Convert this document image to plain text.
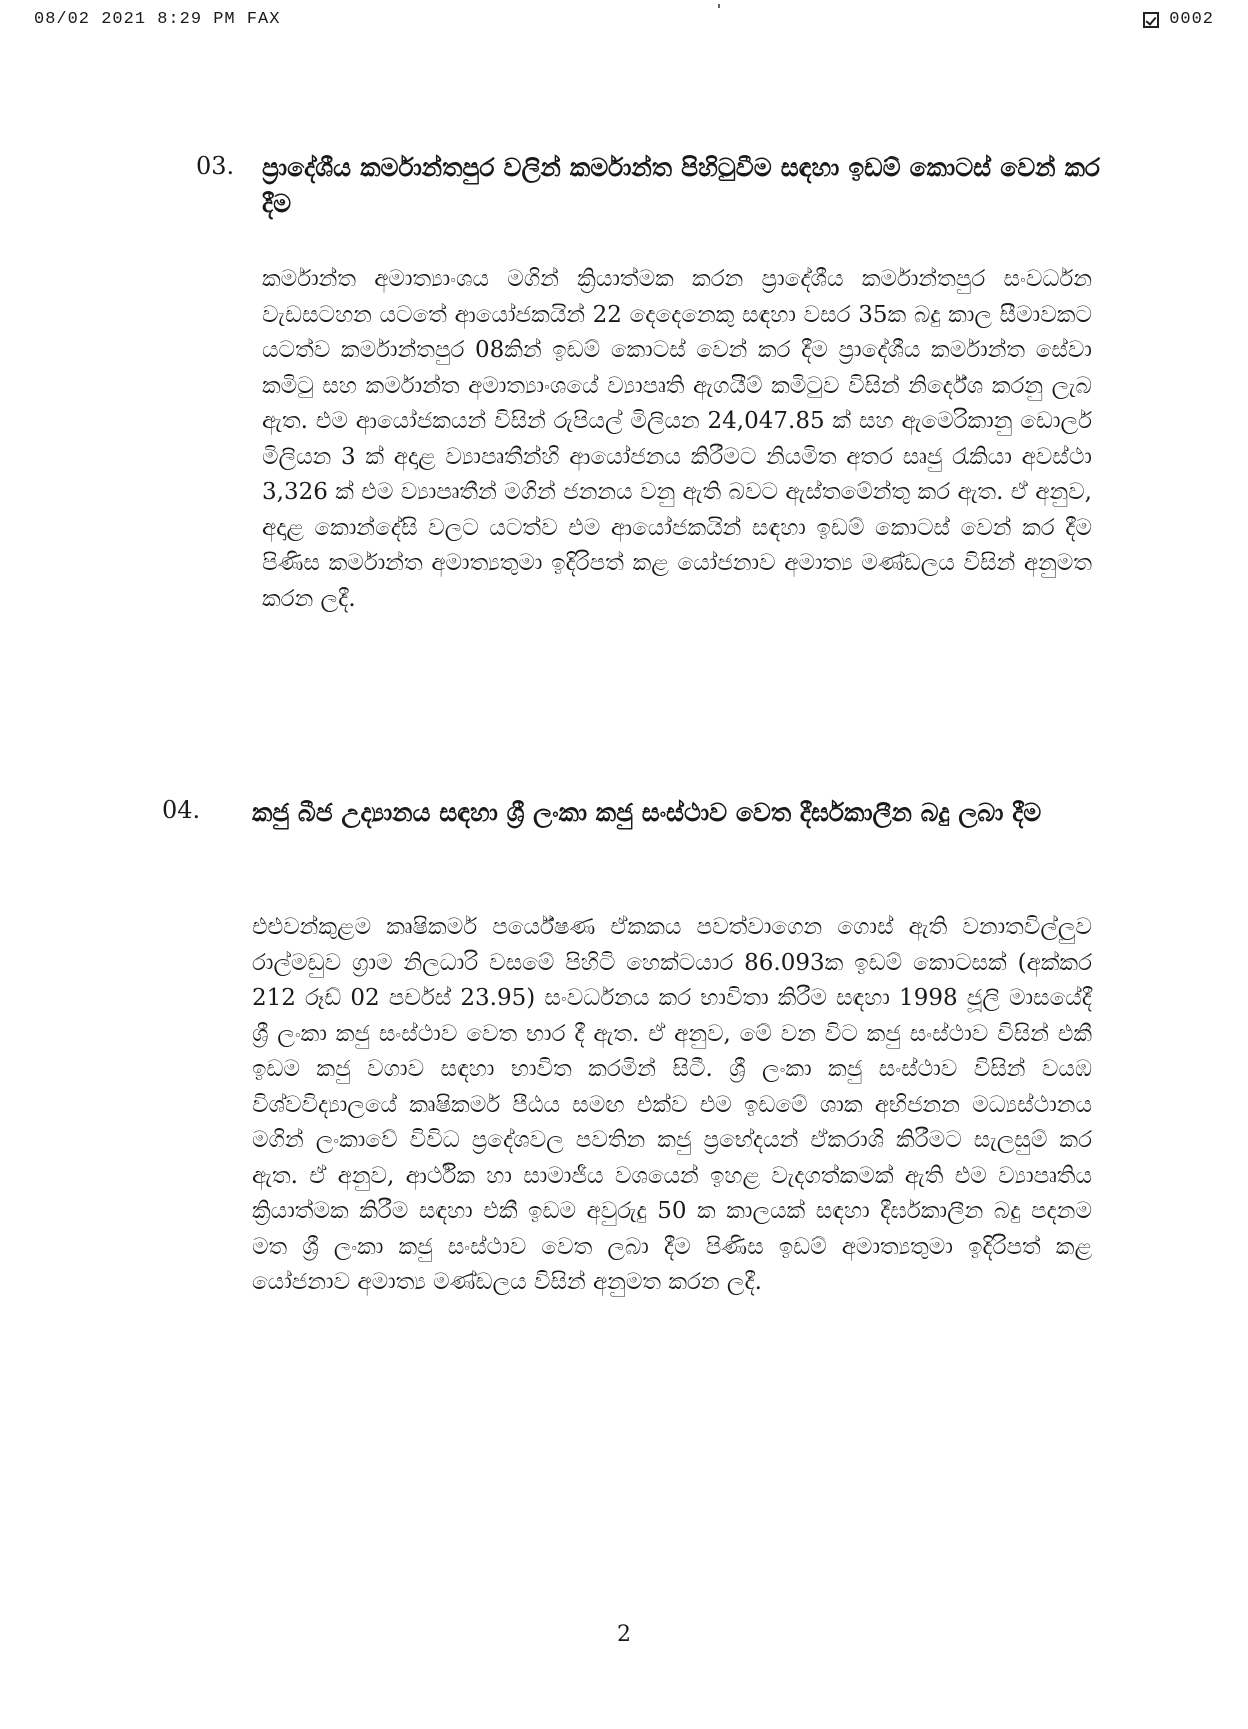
08/02 2021 8:29 PM FAX	0002
03. ප්‍රාදේශීය කර්මාන්තපුර වලින් කර්මාන්ත පිහිටුවීම සඳහා ඉඩම් කොටස් වෙන් කර දීම
කර්මාන්ත අමාත්‍යාංශය මගින් ක්‍රියාත්මක කරන ප්‍රාදේශීය කර්මාන්තපුර සංවර්ධන වැඩසටහන යටතේ ආයෝජකයින් 22 දෙදෙනෙකු සඳහා වසර 35ක බදු කාල සීමාවකට යටත්ව කර්මාන්තපුර 08කින් ඉඩම් කොටස් වෙන් කර දීම ප්‍රාදේශීය කර්මාන්ත සේවා කමිටු සහ කර්මාන්ත අමාත්‍යාංශයේ ව්‍යාපෘති ඇගයීම් කමිටුව විසින් නිර්දේශ කරනු ලැබ ඇත. එම ආයෝජකයන් විසින් රුපියල් මිලියන 24,047.85 ක් සහ ඇමෙරිකානු ඩොලර් මිලියන 3 ක් අදාළ ව්‍යාපෘතීන්හි ආයෝජනය කිරීමට නියමිත අතර සෘජු රැකියා අවස්ථා 3,326 ක් එම ව්‍යාපෘතීන් මගින් ජනනය වනු ඇති බවට ඇස්තමේන්තු කර ඇත. ඒ අනුව, අදාළ කොන්දේසි වලට යටත්ව එම ආයෝජකයින් සඳහා ඉඩම් කොටස් වෙන් කර දීම පිණිස කර්මාන්ත අමාත්‍යතුමා ඉදිරිපත් කළ යෝජනාව අමාත්‍ය මණ්ඩලය විසින් අනුමත කරන ලදී.
04. කජු බීජ උද්‍යානය සඳහා ශ්‍රී ලංකා කජු සංස්ථාව වෙත දීර්ඝකාලීන බදු ලබා දීම
එළුවන්කුළම කෘෂිකර්ම පර්යේෂණ ඒකකය පවත්වාගෙන ගොස් ඇති වනාතවිල්ලුව රාල්මඩුව ග්‍රාම නිලධාරි වසමේ පිහිටි හෙක්ටයාර 86.093ක ඉඩම් කොටසක් (අක්කර 212 රූඩ් 02 පර්චස් 23.95) සංවර්ධනය කර භාවිතා කිරීම සඳහා 1998 ජූලි මාසයේදී ශ්‍රී ලංකා කජු සංස්ථාව වෙත භාර දී ඇත. ඒ අනුව, මේ වන විට කජු සංස්ථාව විසින් එකී ඉඩම කජු වගාව සඳහා භාවිත කරමින් සිටී. ශ්‍රී ලංකා කජු සංස්ථාව විසින් වයඹ විශ්වවිද්‍යාලයේ කෘෂිකර්ම පීඨය සමඟ එක්ව එම ඉඩමේ ශාක අභිජනන මධ්‍යස්ථානය මගින් ලංකාවේ විවිධ ප්‍රදේශවල පවතින කජු ප්‍රභේදයන් ඒකරාශි කිරීමට සැලසුම් කර ඇත. ඒ අනුව, ආර්ථික හා සාමාජීය වශයෙන් ඉහළ වැදගත්කමක් ඇති එම ව්‍යාපෘතිය ක්‍රියාත්මක කිරීම සඳහා එකී ඉඩම අවුරුදු 50 ක කාලයක් සඳහා දීර්ඝකාලීන බදු පදනම මත ශ්‍රී ලංකා කජු සංස්ථාව වෙත ලබා දීම පිණිස ඉඩම් අමාත්‍යතුමා ඉදිරිපත් කළ යෝජනාව අමාත්‍ය මණ්ඩලය විසින් අනුමත කරන ලදී.
2
